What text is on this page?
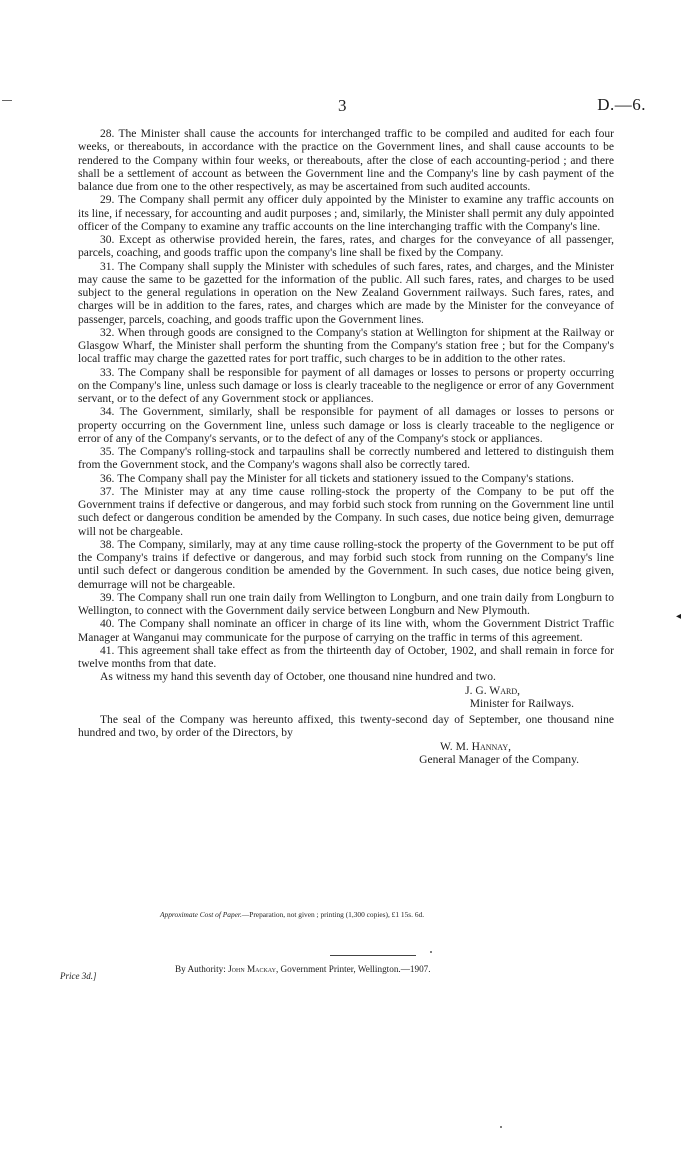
3	D.—6.

28. The Minister shall cause the accounts for interchanged traffic to be compiled and audited for each four weeks, or thereabouts, in accordance with the practice on the Government lines, and shall cause accounts to be rendered to the Company within four weeks, or thereabouts, after the close of each accounting-period ; and there shall be a settlement of account as between the Government line and the Company's line by cash payment of the balance due from one to the other respectively, as may be ascertained from such audited accounts.

29. The Company shall permit any officer duly appointed by the Minister to examine any traffic accounts on its line, if necessary, for accounting and audit purposes ; and, similarly, the Minister shall permit any duly appointed officer of the Company to examine any traffic accounts on the line interchanging traffic with the Company's line.

30. Except as otherwise provided herein, the fares, rates, and charges for the conveyance of all passenger, parcels, coaching, and goods traffic upon the company's line shall be fixed by the Company.

31. The Company shall supply the Minister with schedules of such fares, rates, and charges, and the Minister may cause the same to be gazetted for the information of the public. All such fares, rates, and charges to be used subject to the general regulations in operation on the New Zealand Government railways. Such fares, rates, and charges will be in addition to the fares, rates, and charges which are made by the Minister for the conveyance of passenger, parcels, coaching, and goods traffic upon the Government lines.

32. When through goods are consigned to the Company's station at Wellington for shipment at the Railway or Glasgow Wharf, the Minister shall perform the shunting from the Company's station free ; but for the Company's local traffic may charge the gazetted rates for port traffic, such charges to be in addition to the other rates.

33. The Company shall be responsible for payment of all damages or losses to persons or property occurring on the Company's line, unless such damage or loss is clearly traceable to the negligence or error of any Government servant, or to the defect of any Government stock or appliances.

34. The Government, similarly, shall be responsible for payment of all damages or losses to persons or property occurring on the Government line, unless such damage or loss is clearly traceable to the negligence or error of any of the Company's servants, or to the defect of any of the Company's stock or appliances.

35. The Company's rolling-stock and tarpaulins shall be correctly numbered and lettered to distinguish them from the Government stock, and the Company's wagons shall also be correctly tared.

36. The Company shall pay the Minister for all tickets and stationery issued to the Company's stations.

37. The Minister may at any time cause rolling-stock the property of the Company to be put off the Government trains if defective or dangerous, and may forbid such stock from running on the Government line until such defect or dangerous condition be amended by the Company. In such cases, due notice being given, demurrage will not be chargeable.

38. The Company, similarly, may at any time cause rolling-stock the property of the Government to be put off the Company's trains if defective or dangerous, and may forbid such stock from running on the Company's line until such defect or dangerous condition be amended by the Government. In such cases, due notice being given, demurrage will not be chargeable.

39. The Company shall run one train daily from Wellington to Longburn, and one train daily from Longburn to Wellington, to connect with the Government daily service between Longburn and New Plymouth.

40. The Company shall nominate an officer in charge of its line with, whom the Government District Traffic Manager at Wanganui may communicate for the purpose of carrying on the traffic in terms of this agreement.

41. This agreement shall take effect as from the thirteenth day of October, 1902, and shall remain in force for twelve months from that date.

As witness my hand this seventh day of October, one thousand nine hundred and two.

J. G. Ward,

Minister for Railways.

The seal of the Company was hereunto affixed, this twenty-second day of September, one thousand nine hundred and two, by order of the Directors, by

W. M. Hannay,

General Manager of the Company.

◂
Approximate Cost of Paper.—Preparation, not given ; printing (1,300 copies), £1 15s. 6d.
By Authority: John Mackay, Government Printer, Wellington.—1907.
Price 3d.]
